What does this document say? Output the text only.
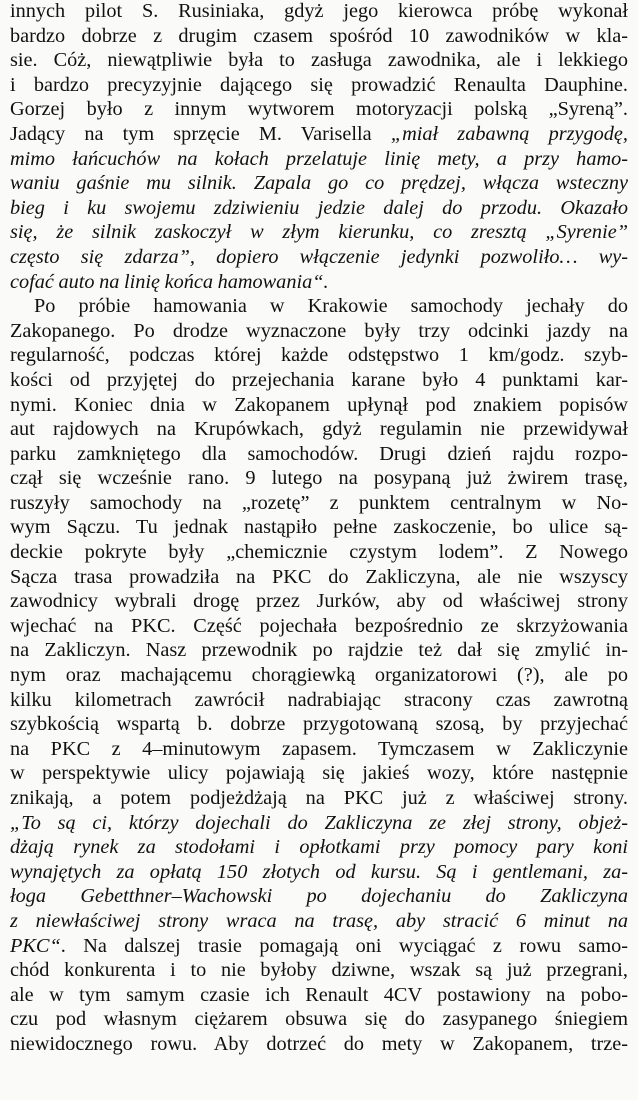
innych pilot S. Rusiniaka, gdyż jego kierowca próbę wykonał
bardzo dobrze z drugim czasem spośród 10 zawodników w kla-
sie. Cóż, niewątpliwie była to zasługa zawodnika, ale i lekkiego
i bardzo precyzyjnie dającego się prowadzić Renaulta Dauphine.
Gorzej było z innym wytworem motoryzacji polską „Syreną”.
Jadący na tym sprzęcie M. Varisella „miał zabawną przygodę,
mimo łańcuchów na kołach przelatuje linię mety, a przy hamo-
waniu gaśnie mu silnik. Zapala go co prędzej, włącza wsteczny
bieg i ku swojemu zdziwieniu jedzie dalej do przodu. Okazało
się, że silnik zaskoczył w złym kierunku, co zresztą „Syrenie”
często się zdarza”, dopiero włączenie jedynki pozwoliło… wy-
cofać auto na linię końca hamowania“.
Po próbie hamowania w Krakowie samochody jechały do
Zakopanego. Po drodze wyznaczone były trzy odcinki jazdy na
regularność, podczas której każde odstępstwo 1 km/godz. szyb-
kości od przyjętej do przejechania karane było 4 punktami kar-
nymi. Koniec dnia w Zakopanem upłynął pod znakiem popisów
aut rajdowych na Krupówkach, gdyż regulamin nie przewidywał
parku zamkniętego dla samochodów. Drugi dzień rajdu rozpo-
czął się wcześnie rano. 9 lutego na posypaną już żwirem trasę,
ruszyły samochody na „rozetę” z punktem centralnym w No-
wym Sączu. Tu jednak nastąpiło pełne zaskoczenie, bo ulice są-
deckie pokryte były „chemicznie czystym lodem”. Z Nowego
Sącza trasa prowadziła na PKC do Zakliczyna, ale nie wszyscy
zawodnicy wybrali drogę przez Jurków, aby od właściwej strony
wjechać na PKC. Część pojechała bezpośrednio ze skrzyżowania
na Zakliczyn. Nasz przewodnik po rajdzie też dał się zmylić in-
nym oraz machającemu chorągiewką organizatorowi (?), ale po
kilku kilometrach zawrócił nadrabiając stracony czas zawrotną
szybkością wspartą b. dobrze przygotowaną szosą, by przyjechać
na PKC z 4–minutowym zapasem. Tymczasem w Zakliczynie
w perspektywie ulicy pojawiają się jakieś wozy, które następnie
znikają, a potem podjeżdżają na PKC już z właściwej strony.
„To są ci, którzy dojechali do Zakliczyna ze złej strony, objeż-
dżają rynek za stodołami i opłotkami przy pomocy pary koni
wynajętych za opłatą 150 złotych od kursu. Są i gentlemani, za-
łoga Gebetthner–Wachowski po dojechaniu do Zakliczyna
z niewłaściwej strony wraca na trasę, aby stracić 6 minut na
PKC“. Na dalszej trasie pomagają oni wyciągać z rowu samo-
chód konkurenta i to nie byłoby dziwne, wszak są już przegrani,
ale w tym samym czasie ich Renault 4CV postawiony na pobo-
czu pod własnym ciężarem obsuwa się do zasypanego śniegiem
niewidocznego rowu. Aby dotrzeć do mety w Zakopanem, trze-
